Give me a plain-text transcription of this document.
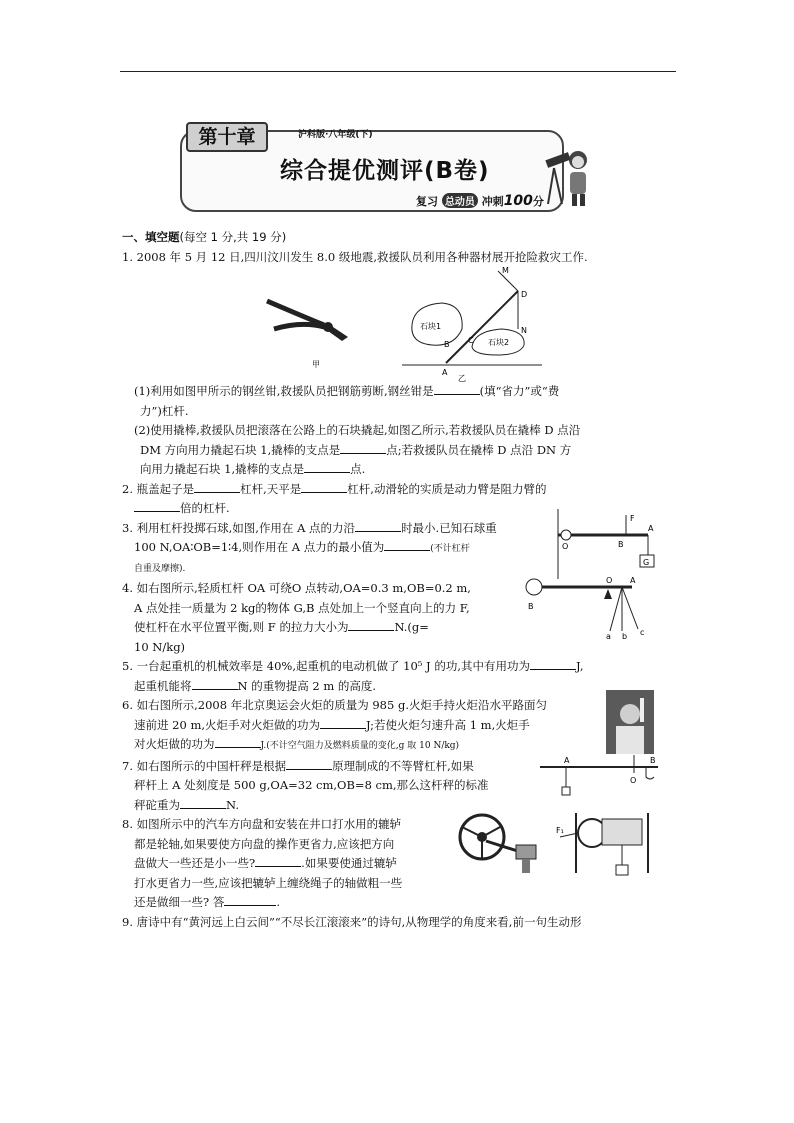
第十章	沪科版·八年级(下)
综合提优测评(B卷)
复习 总动员 冲刺100分
一、填空题(每空 1 分,共 19 分)

1. 2008 年 5 月 12 日,四川汶川发生 8.0 级地震,救援队员利用各种器材展开抢险救灾工作.

甲
石块1
石块2
M
D
N
B C
A
乙

(1)利用如图甲所示的钢丝钳,救援队员把钢筋剪断,钢丝钳是	(填“省力”或“费

力”)杠杆.

(2)使用撬棒,救援队员把滚落在公路上的石块撬起,如图乙所示,若救援队员在撬棒 D 点沿

DM 方向用力撬起石块 1,撬棒的支点是	点;若救援队员在撬棒 D 点沿 DN 方

向用力撬起石块 1,撬棒的支点是	点.

2. 瓶盖起子是	杠杆,天平是	杠杆,动滑轮的实质是动力臂是阻力臂的

倍的杠杆.

3. 利用杠杆投掷石球,如图,作用在 A 点的力沿	时最小.已知石球重

100 N,OA∶OB=1∶4,则作用在 A 点力的最小值为	(不计杠杆

自重及摩擦).

G
F
A
B
O

4. 如右图所示,轻质杠杆 OA 可绕O 点转动,OA=0.3 m,OB=0.2 m,

A 点处挂一质量为 2 kg的物体 G,B 点处加上一个竖直向上的力 F,

使杠杆在水平位置平衡,则 F 的拉力大小为	N.(g=

10 N/kg)

O A
B
a b c

5. 一台起重机的机械效率是 40%,起重机的电动机做了 10⁵ J 的功,其中有用功为	J,

起重机能将	N 的重物提高 2 m 的高度.

6. 如右图所示,2008 年北京奥运会火炬的质量为 985 g.火炬手持火炬沿水平路面匀

速前进 20 m,火炬手对火炬做的功为	J;若使火炬匀速升高 1 m,火炬手

对火炬做的功为	J.(不计空气阻力及燃料质量的变化,g 取 10 N/kg)

7. 如右图所示的中国杆秤是根据	原理制成的不等臂杠杆,如果

秤杆上 A 处刻度是 500 g,OA=32 cm,OB=8 cm,那么这杆秤的标准

秤砣重为	N.

A
O
B

8. 如图所示中的汽车方向盘和安装在井口打水用的辘轳

都是轮轴,如果要使方向盘的操作更省力,应该把方向

盘做大一些还是小一些?	.如果要使通过辘轳

打水更省力一些,应该把辘轳上缠绕绳子的轴做粗一些

还是做细一些? 答	.

F₁

9. 唐诗中有“黄河远上白云间”“不尽长江滚滚来”的诗句,从物理学的角度来看,前一句生动形
